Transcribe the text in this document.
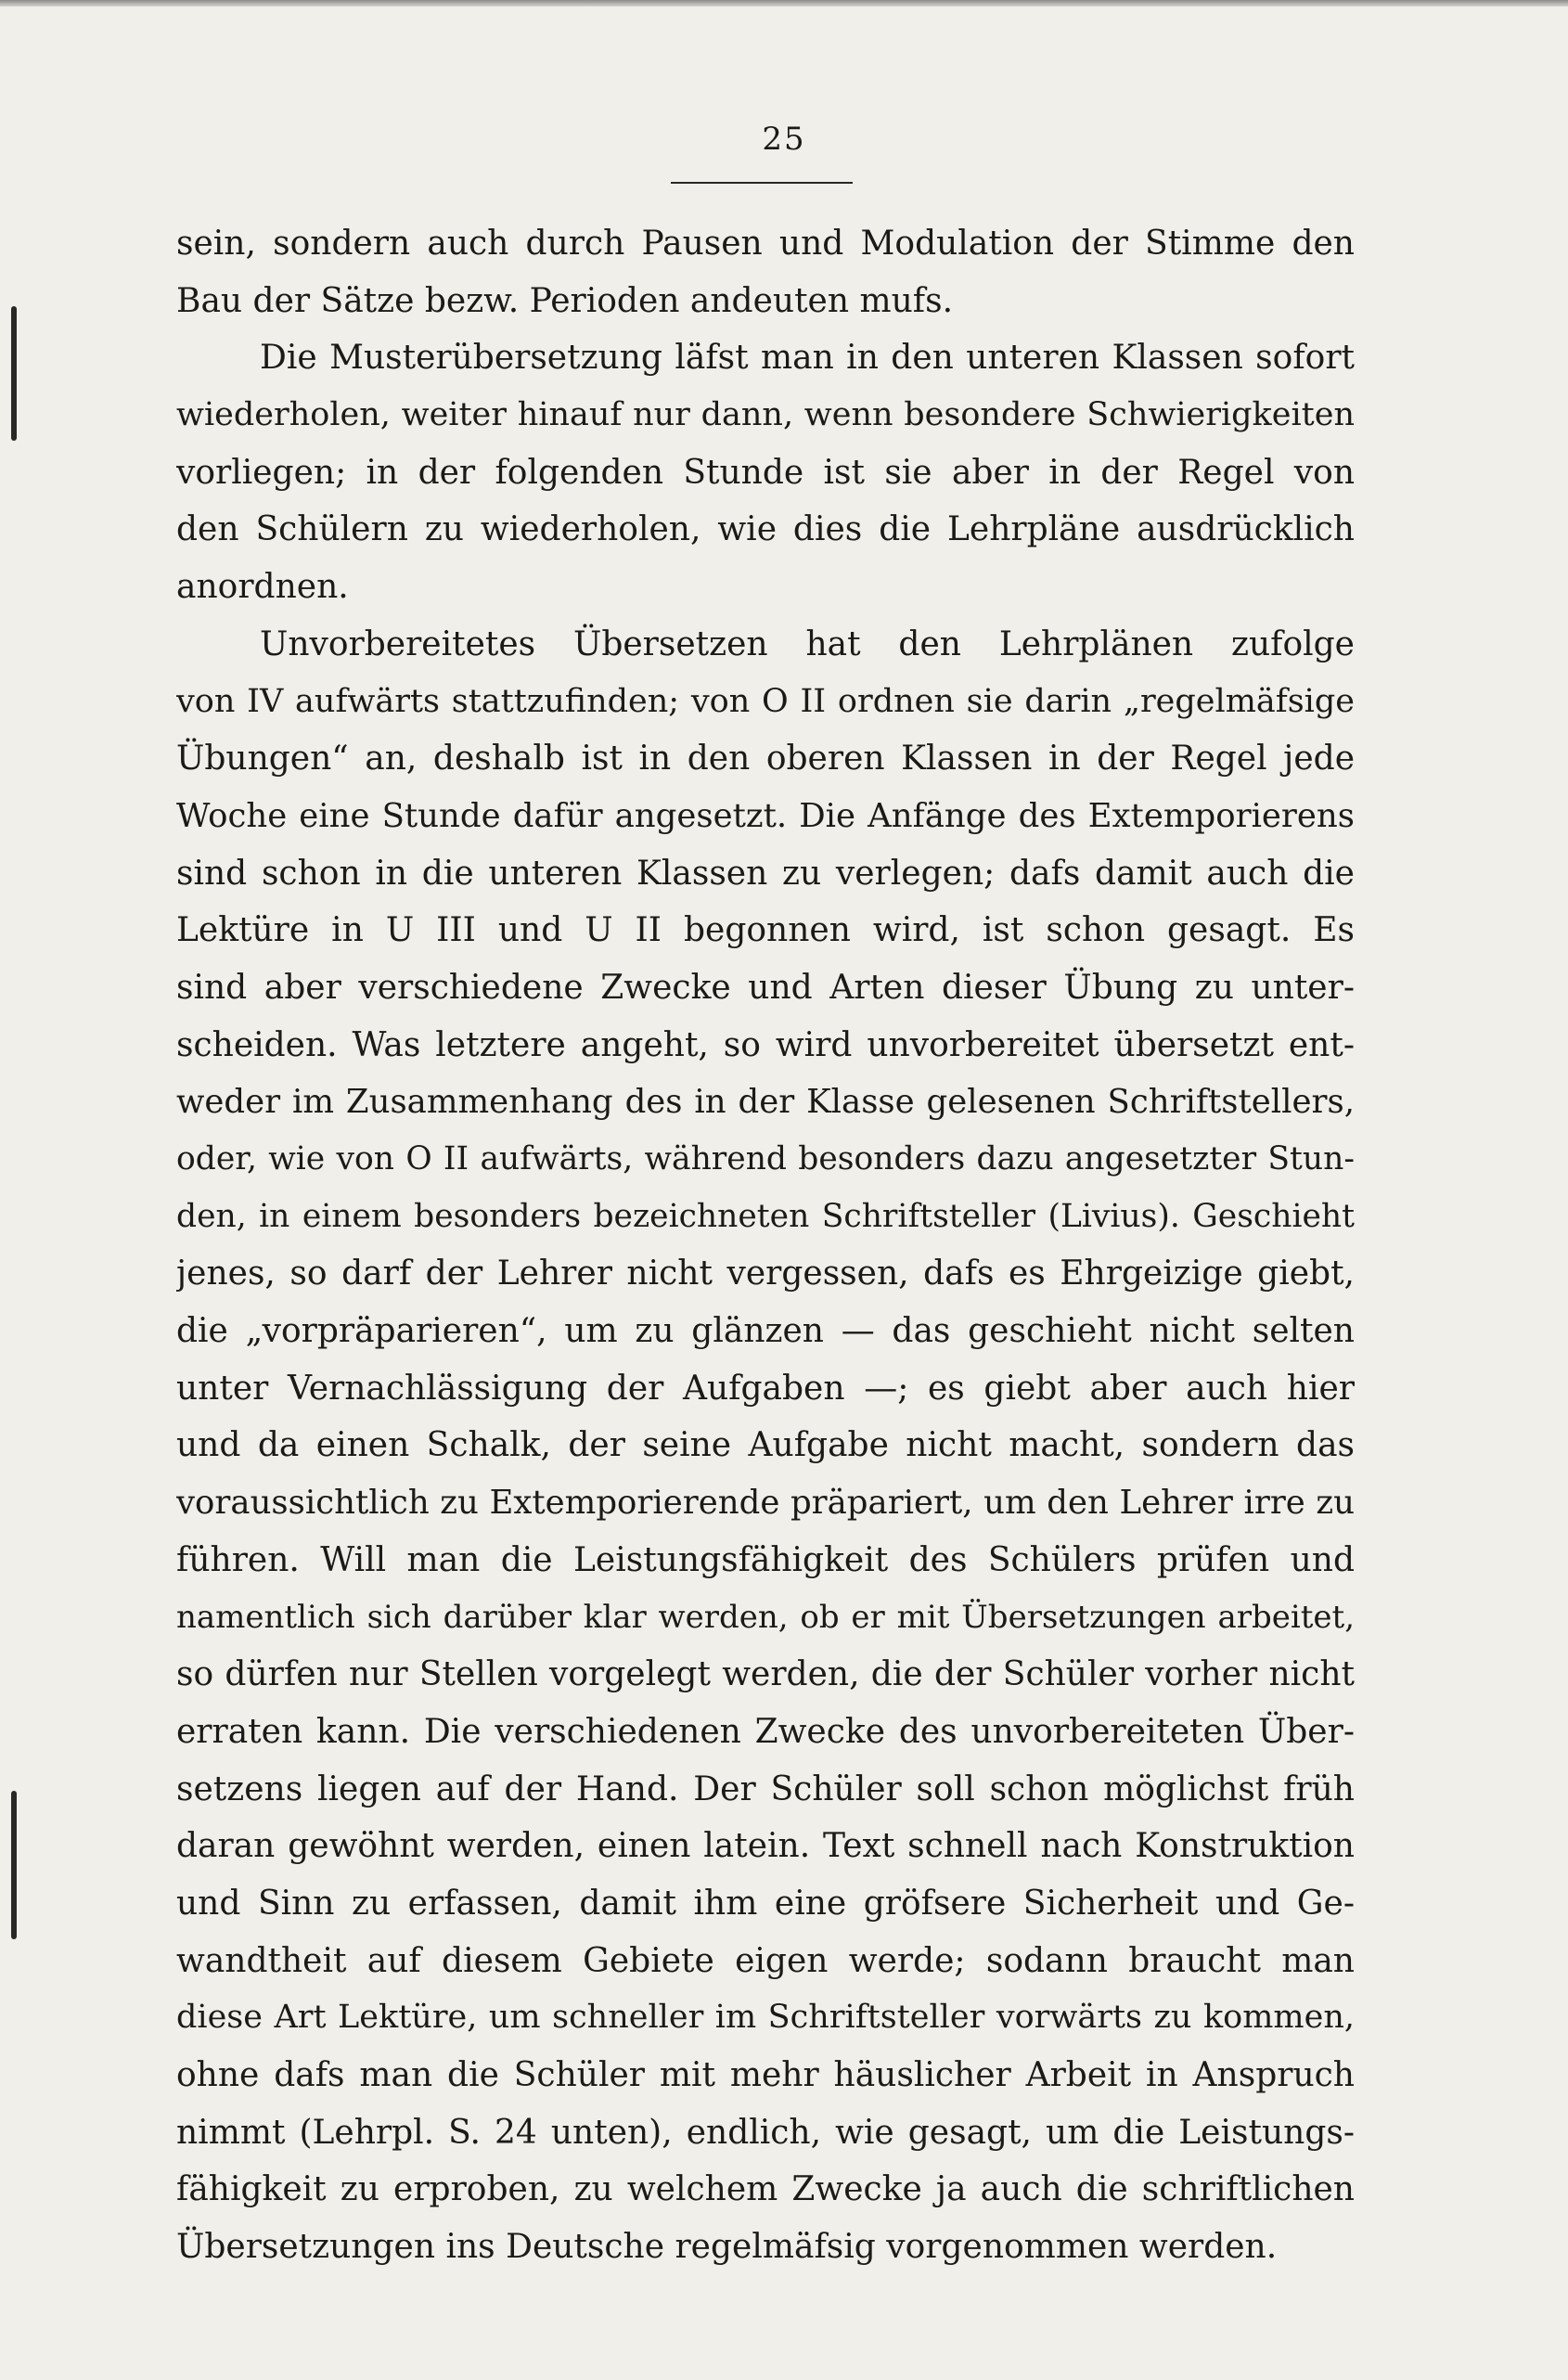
25
sein, sondern auch durch Pausen und Modulation der Stimme den
Bau der Sätze bezw. Perioden andeuten mufs.
Die Musterübersetzung läfst man in den unteren Klassen sofort
wiederholen, weiter hinauf nur dann, wenn besondere Schwierigkeiten
vorliegen; in der folgenden Stunde ist sie aber in der Regel von
den Schülern zu wiederholen, wie dies die Lehrpläne ausdrücklich
anordnen.
Unvorbereitetes Übersetzen hat den Lehrplänen zufolge
von IV aufwärts stattzufinden; von O II ordnen sie darin „regelmäfsige
Übungen“ an, deshalb ist in den oberen Klassen in der Regel jede
Woche eine Stunde dafür angesetzt. Die Anfänge des Extemporierens
sind schon in die unteren Klassen zu verlegen; dafs damit auch die
Lektüre in U III und U II begonnen wird, ist schon gesagt. Es
sind aber verschiedene Zwecke und Arten dieser Übung zu unter-
scheiden. Was letztere angeht, so wird unvorbereitet übersetzt ent-
weder im Zusammenhang des in der Klasse gelesenen Schriftstellers,
oder, wie von O II aufwärts, während besonders dazu angesetzter Stun-
den, in einem besonders bezeichneten Schriftsteller (Livius). Geschieht
jenes, so darf der Lehrer nicht vergessen, dafs es Ehrgeizige giebt,
die „vorpräparieren“, um zu glänzen — das geschieht nicht selten
unter Vernachlässigung der Aufgaben —; es giebt aber auch hier
und da einen Schalk, der seine Aufgabe nicht macht, sondern das
voraussichtlich zu Extemporierende präpariert, um den Lehrer irre zu
führen. Will man die Leistungsfähigkeit des Schülers prüfen und
namentlich sich darüber klar werden, ob er mit Übersetzungen arbeitet,
so dürfen nur Stellen vorgelegt werden, die der Schüler vorher nicht
erraten kann. Die verschiedenen Zwecke des unvorbereiteten Über-
setzens liegen auf der Hand. Der Schüler soll schon möglichst früh
daran gewöhnt werden, einen latein. Text schnell nach Konstruktion
und Sinn zu erfassen, damit ihm eine gröfsere Sicherheit und Ge-
wandtheit auf diesem Gebiete eigen werde; sodann braucht man
diese Art Lektüre, um schneller im Schriftsteller vorwärts zu kommen,
ohne dafs man die Schüler mit mehr häuslicher Arbeit in Anspruch
nimmt (Lehrpl. S. 24 unten), endlich, wie gesagt, um die Leistungs-
fähigkeit zu erproben, zu welchem Zwecke ja auch die schriftlichen
Übersetzungen ins Deutsche regelmäfsig vorgenommen werden.
